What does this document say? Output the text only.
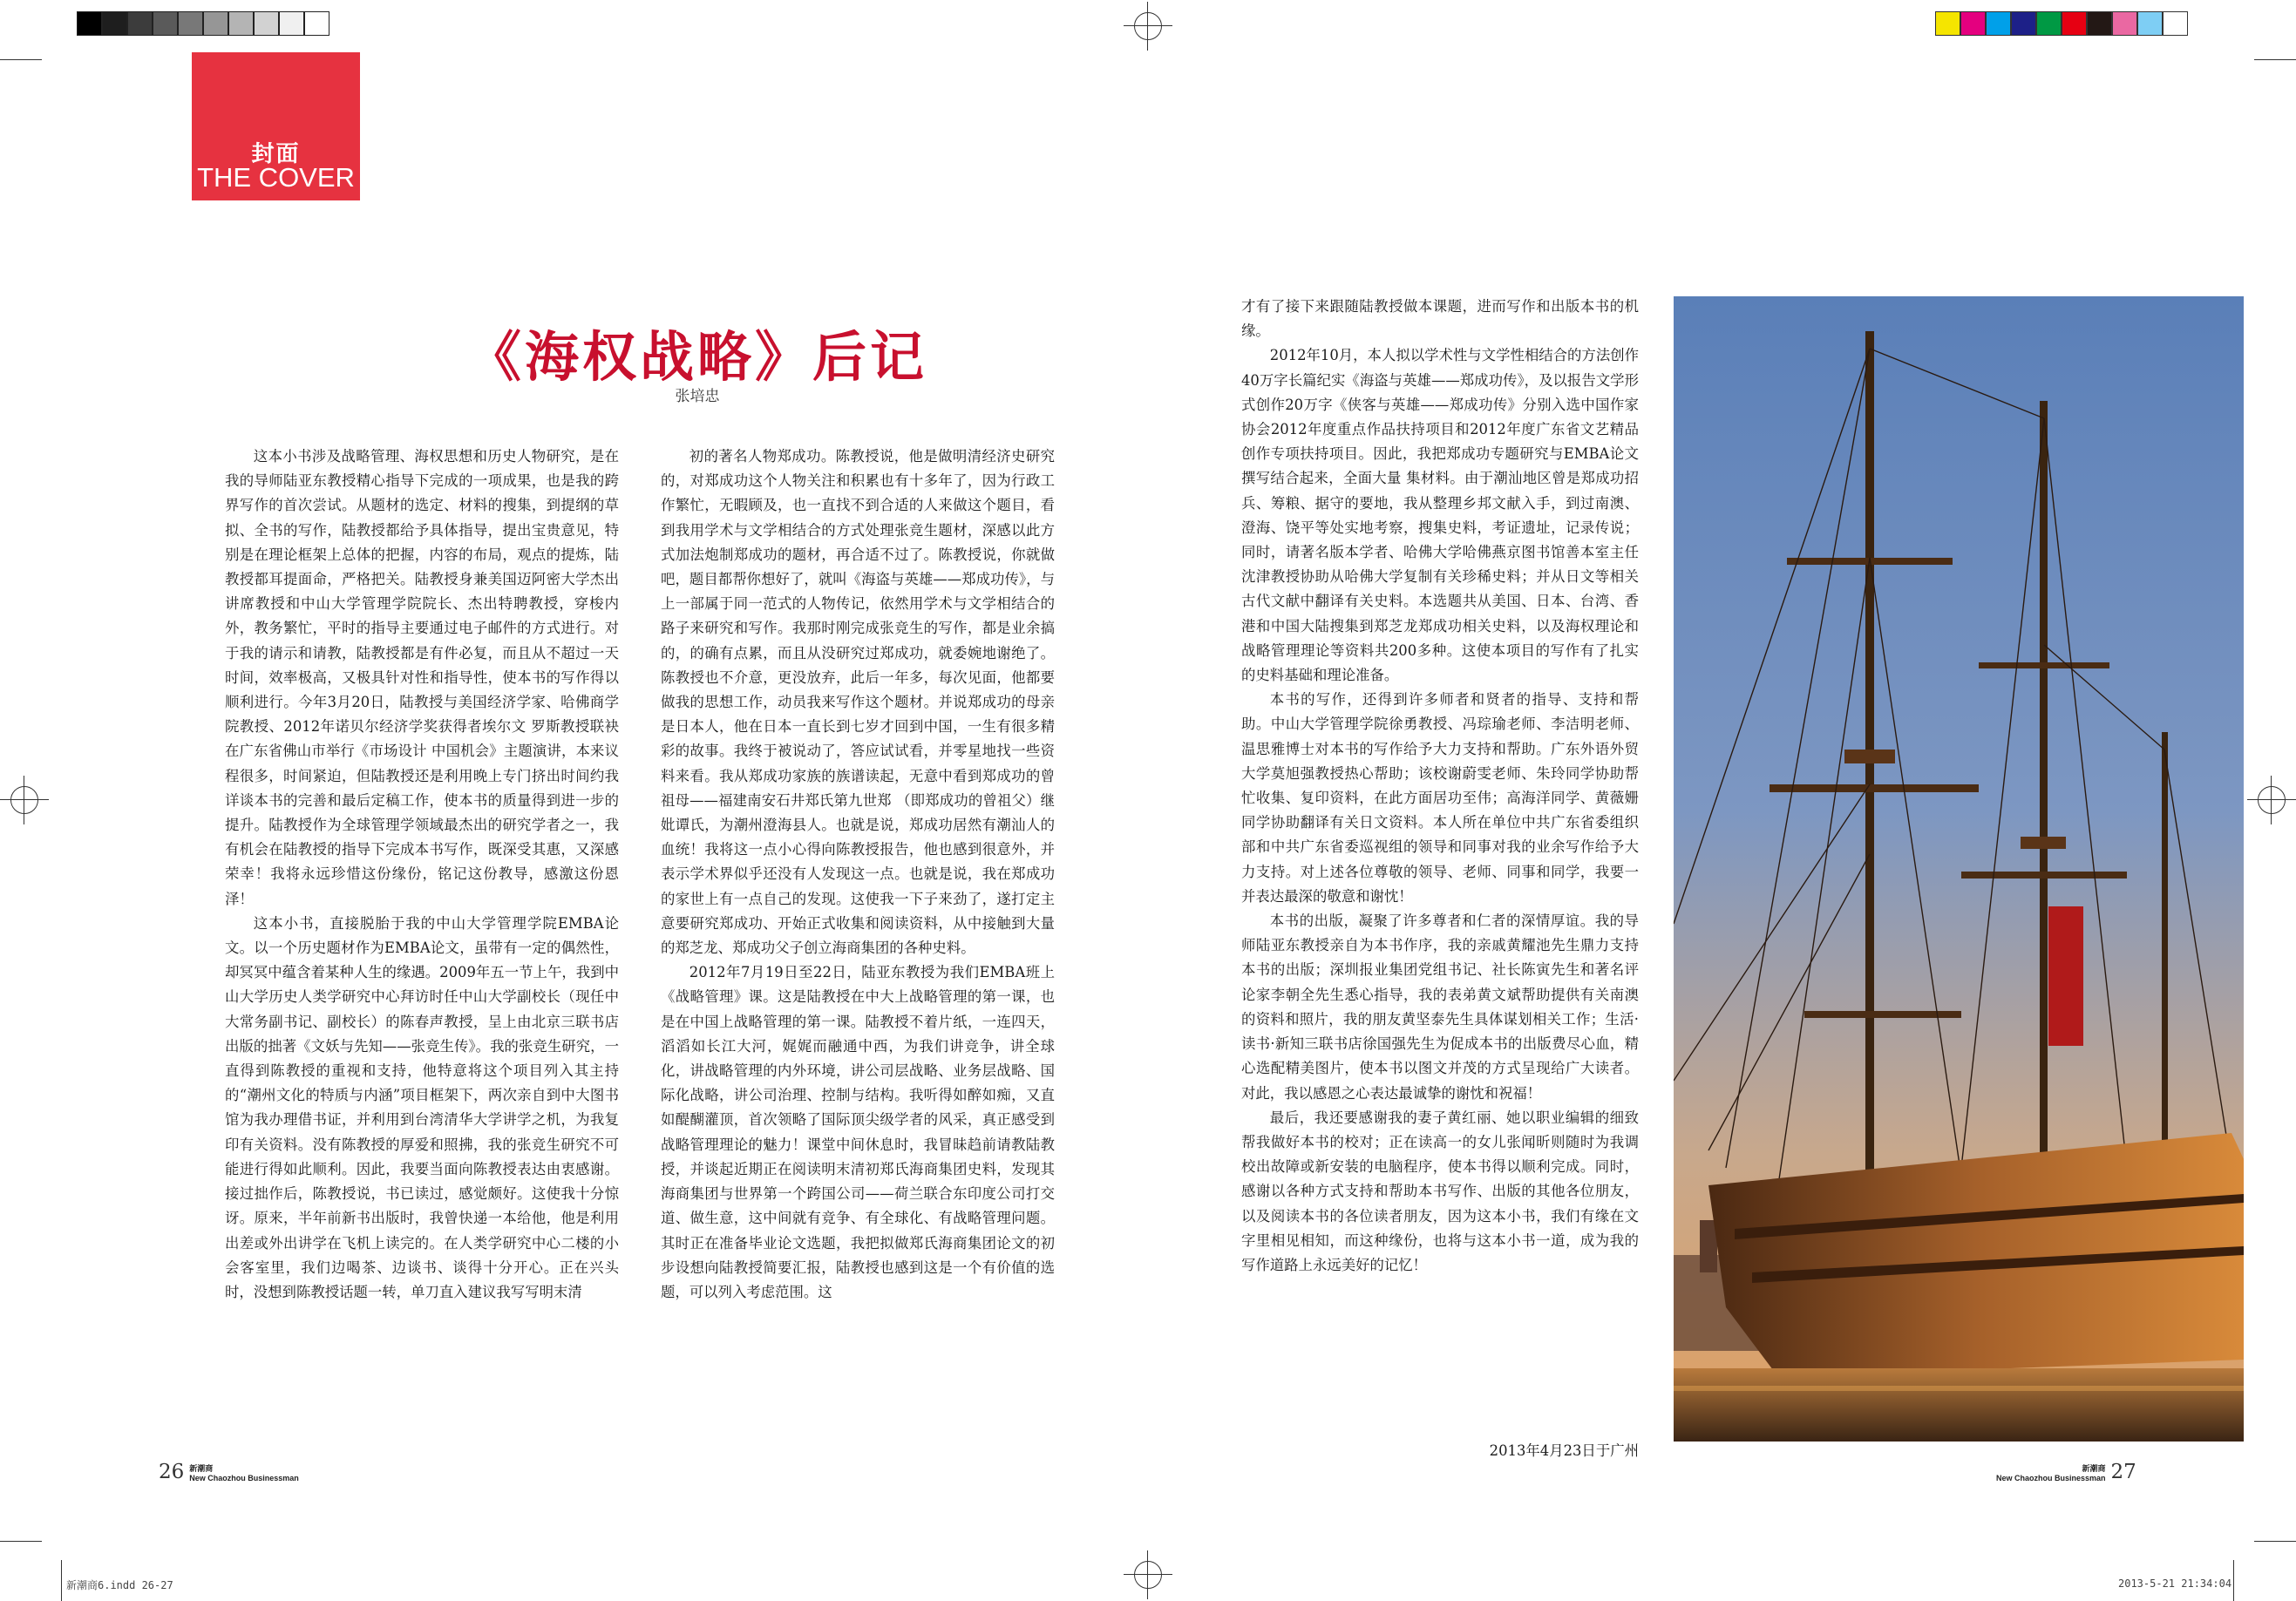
封面
THE COVER
《海权战略》后记
张培忠

这本小书涉及战略管理、海权思想和历史人物研究，是在我的导师陆亚东教授精心指导下完成的一项成果，也是我的跨界写作的首次尝试。从题材的选定、材料的搜集，到提纲的草拟、全书的写作，陆教授都给予具体指导，提出宝贵意见，特别是在理论框架上总体的把握，内容的布局，观点的提炼，陆教授都耳提面命，严格把关。陆教授身兼美国迈阿密大学杰出讲席教授和中山大学管理学院院长、杰出特聘教授，穿梭内外，教务繁忙，平时的指导主要通过电子邮件的方式进行。对于我的请示和请教，陆教授都是有件必复，而且从不超过一天时间，效率极高，又极具针对性和指导性，使本书的写作得以顺利进行。今年3月20日，陆教授与美国经济学家、哈佛商学院教授、2012年诺贝尔经济学奖获得者埃尔文 罗斯教授联袂在广东省佛山市举行《市场设计 中国机会》主题演讲，本来议程很多，时间紧迫，但陆教授还是利用晚上专门挤出时间约我详谈本书的完善和最后定稿工作，使本书的质量得到进一步的提升。陆教授作为全球管理学领域最杰出的研究学者之一，我有机会在陆教授的指导下完成本书写作，既深受其惠，又深感荣幸！我将永远珍惜这份缘份，铭记这份教导，感激这份恩泽！

这本小书，直接脱胎于我的中山大学管理学院EMBA论文。以一个历史题材作为EMBA论文，虽带有一定的偶然性，却冥冥中蕴含着某种人生的缘遇。2009年五一节上午，我到中山大学历史人类学研究中心拜访时任中山大学副校长（现任中大常务副书记、副校长）的陈春声教授，呈上由北京三联书店出版的拙著《文妖与先知——张竞生传》。我的张竞生研究，一直得到陈教授的重视和支持，他特意将这个项目列入其主持的“潮州文化的特质与内涵”项目框架下，两次亲自到中大图书馆为我办理借书证，并利用到台湾清华大学讲学之机，为我复印有关资料。没有陈教授的厚爱和照拂，我的张竞生研究不可能进行得如此顺利。因此，我要当面向陈教授表达由衷感谢。接过拙作后，陈教授说，书已读过，感觉颇好。这使我十分惊讶。原来，半年前新书出版时，我曾快递一本给他，他是利用出差或外出讲学在飞机上读完的。在人类学研究中心二楼的小会客室里，我们边喝茶、边谈书、谈得十分开心。正在兴头时，没想到陈教授话题一转，单刀直入建议我写写明末清

初的著名人物郑成功。陈教授说，他是做明清经济史研究的，对郑成功这个人物关注和积累也有十多年了，因为行政工作繁忙，无暇顾及，也一直找不到合适的人来做这个题目，看到我用学术与文学相结合的方式处理张竞生题材，深感以此方式加法炮制郑成功的题材，再合适不过了。陈教授说，你就做吧，题目都帮你想好了，就叫《海盗与英雄——郑成功传》，与上一部属于同一范式的人物传记，依然用学术与文学相结合的路子来研究和写作。我那时刚完成张竞生的写作，都是业余搞的，的确有点累，而且从没研究过郑成功，就委婉地谢绝了。陈教授也不介意，更没放弃，此后一年多，每次见面，他都要做我的思想工作，动员我来写作这个题材。并说郑成功的母亲是日本人，他在日本一直长到七岁才回到中国，一生有很多精彩的故事。我终于被说动了，答应试试看，并零星地找一些资料来看。我从郑成功家族的族谱读起，无意中看到郑成功的曾祖母——福建南安石井郑氏第九世郑 （即郑成功的曾祖父）继妣谭氏，为潮州澄海县人。也就是说，郑成功居然有潮汕人的血统！我将这一点小心得向陈教授报告，他也感到很意外，并表示学术界似乎还没有人发现这一点。也就是说，我在郑成功的家世上有一点自己的发现。这使我一下子来劲了，遂打定主意要研究郑成功、开始正式收集和阅读资料，从中接触到大量的郑芝龙、郑成功父子创立海商集团的各种史料。

2012年7月19日至22日，陆亚东教授为我们EMBA班上《战略管理》课。这是陆教授在中大上战略管理的第一课，也是在中国上战略管理的第一课。陆教授不着片纸，一连四天，滔滔如长江大河，娓娓而融通中西，为我们讲竞争，讲全球化，讲战略管理的内外环境，讲公司层战略、业务层战略、国际化战略，讲公司治理、控制与结构。我听得如醉如痴，又直如醍醐灌顶，首次领略了国际顶尖级学者的风采，真正感受到战略管理理论的魅力！课堂中间休息时，我冒昧趋前请教陆教授，并谈起近期正在阅读明末清初郑氏海商集团史料，发现其海商集团与世界第一个跨国公司——荷兰联合东印度公司打交道、做生意，这中间就有竞争、有全球化、有战略管理问题。其时正在准备毕业论文选题，我把拟做郑氏海商集团论文的初步设想向陆教授简要汇报，陆教授也感到这是一个有价值的选题，可以列入考虑范围。这

才有了接下来跟随陆教授做本课题，进而写作和出版本书的机缘。

2012年10月，本人拟以学术性与文学性相结合的方法创作40万字长篇纪实《海盗与英雄——郑成功传》，及以报告文学形式创作20万字《侠客与英雄——郑成功传》分别入选中国作家协会2012年度重点作品扶持项目和2012年度广东省文艺精品创作专项扶持项目。因此，我把郑成功专题研究与EMBA论文撰写结合起来，全面大量 集材料。由于潮汕地区曾是郑成功招兵、筹粮、据守的要地，我从整理乡邦文献入手，到过南澳、澄海、饶平等处实地考察，搜集史料，考证遗址，记录传说；同时，请著名版本学者、哈佛大学哈佛燕京图书馆善本室主任沈津教授协助从哈佛大学复制有关珍稀史料；并从日文等相关古代文献中翻译有关史料。本选题共从美国、日本、台湾、香港和中国大陆搜集到郑芝龙郑成功相关史料，以及海权理论和战略管理理论等资料共200多种。这使本项目的写作有了扎实的史料基础和理论准备。

本书的写作，还得到许多师者和贤者的指导、支持和帮助。中山大学管理学院徐勇教授、冯琮瑜老师、李洁明老师、温思雅博士对本书的写作给予大力支持和帮助。广东外语外贸大学莫旭强教授热心帮助；该校谢蔚雯老师、朱玲同学协助帮忙收集、复印资料，在此方面居功至伟；高海洋同学、黄薇姗同学协助翻译有关日文资料。本人所在单位中共广东省委组织部和中共广东省委巡视组的领导和同事对我的业余写作给予大力支持。对上述各位尊敬的领导、老师、同事和同学，我要一并表达最深的敬意和谢忱！

本书的出版，凝聚了许多尊者和仁者的深情厚谊。我的导师陆亚东教授亲自为本书作序，我的亲戚黄耀池先生鼎力支持本书的出版；深圳报业集团党组书记、社长陈寅先生和著名评论家李朝全先生悉心指导，我的表弟黄文斌帮助提供有关南澳的资料和照片，我的朋友黄坚泰先生具体谋划相关工作；生活·读书·新知三联书店徐国强先生为促成本书的出版费尽心血，精心选配精美图片，使本书以图文并茂的方式呈现给广大读者。对此，我以感恩之心表达最诚挚的谢忱和祝福！

最后，我还要感谢我的妻子黄红丽、她以职业编辑的细致帮我做好本书的校对；正在读高一的女儿张闻昕则随时为我调校出故障或新安装的电脑程序，使本书得以顺利完成。同时，感谢以各种方式支持和帮助本书写作、出版的其他各位朋友，以及阅读本书的各位读者朋友，因为这本小书，我们有缘在文字里相见相知，而这种缘份，也将与这本小书一道，成为我的写作道路上永远美好的记忆！

2013年4月23日于广州
26 新潮商
New Chaozhou Businessman
新潮商
New Chaozhou Businessman 27
新潮商6.indd 26-27	2013-5-21 21:34:04
